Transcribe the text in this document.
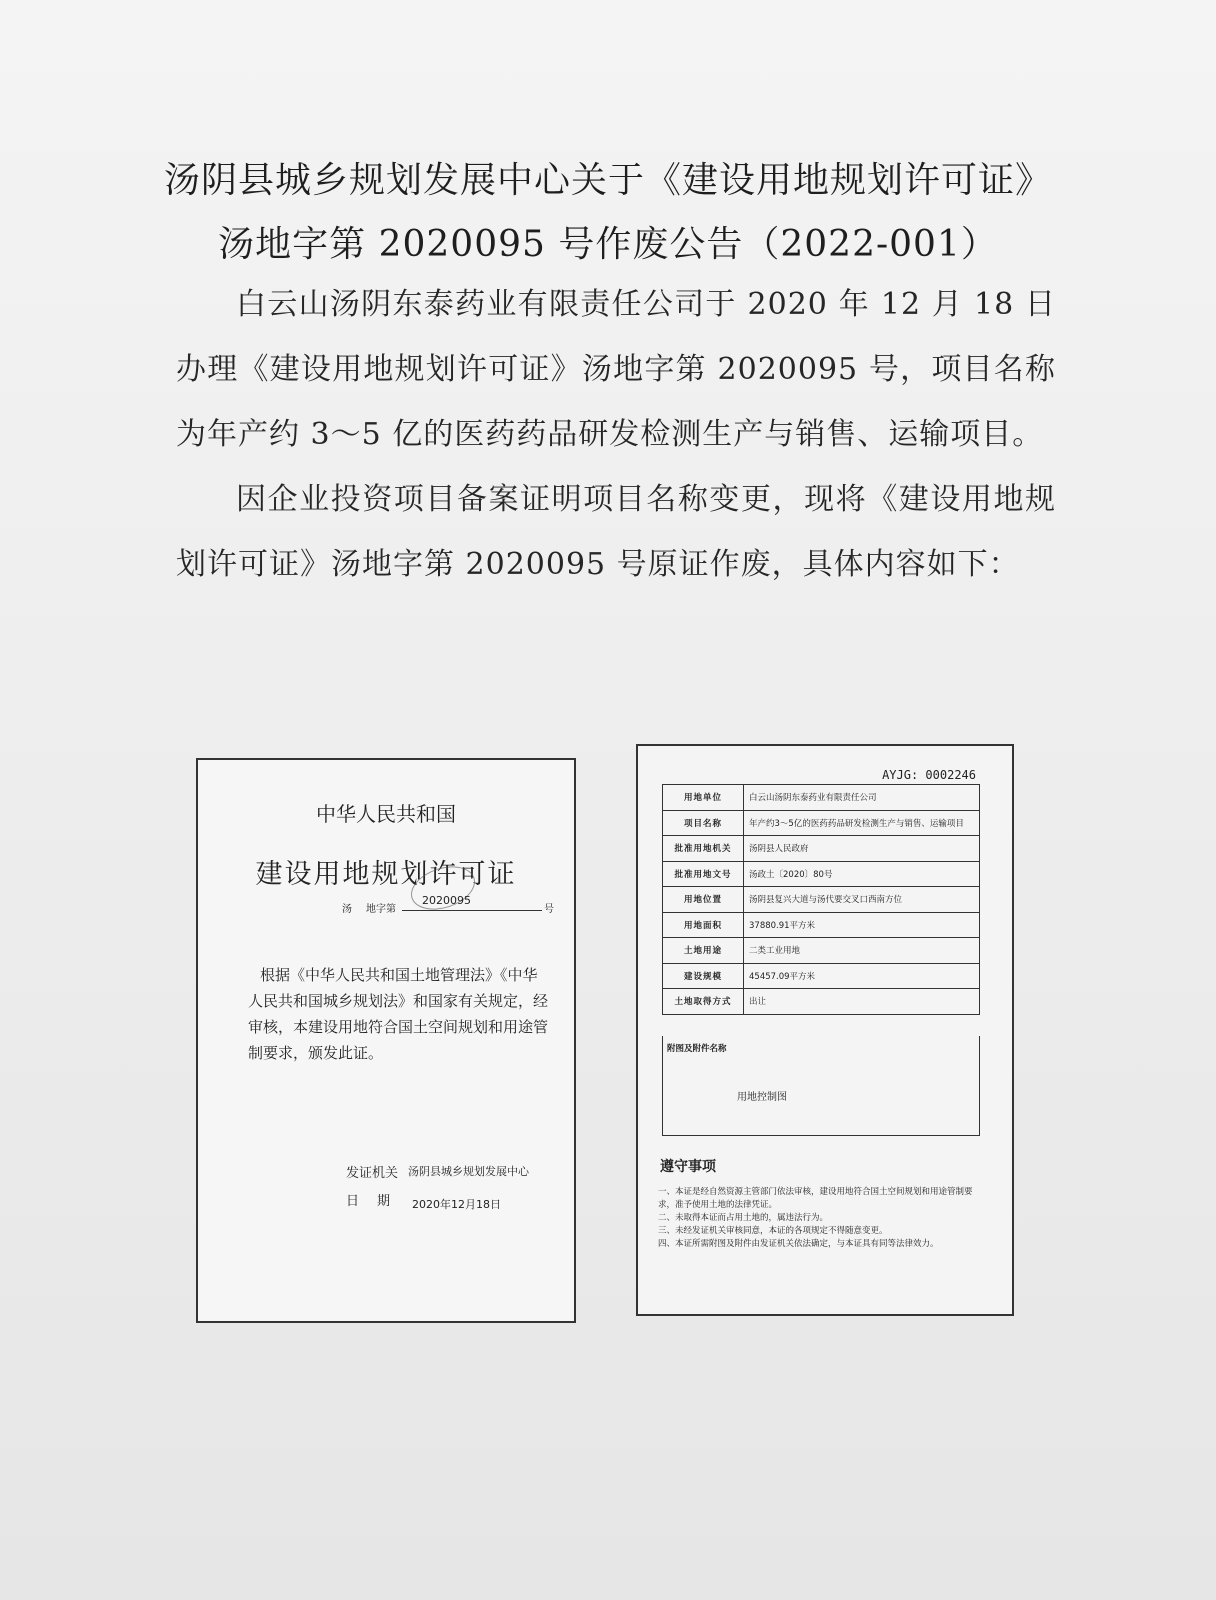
汤阴县城乡规划发展中心关于《建设用地规划许可证》
汤地字第 2020095 号作废公告（2022-001）
白云山汤阴东泰药业有限责任公司于 2020 年 12 月 18 日办理《建设用地规划许可证》汤地字第 2020095 号，项目名称为年产约 3～5 亿的医药药品研发检测生产与销售、运输项目。
因企业投资项目备案证明项目名称变更，现将《建设用地规划许可证》汤地字第 2020095 号原证作废，具体内容如下：
中华人民共和国
建设用地规划许可证
汤 地字第
2020095
号
根据《中华人民共和国土地管理法》《中华人民共和国城乡规划法》和国家有关规定，经审核，本建设用地符合国土空间规划和用途管制要求，颁发此证。
发证机关 汤阴县城乡规划发展中心
日期 2020年12月18日
AYJG: 0002246
用地单位	白云山汤阴东泰药业有限责任公司
项目名称	年产约3～5亿的医药药品研发检测生产与销售、运输项目
批准用地机关	汤阴县人民政府
批准用地文号	汤政土〔2020〕80号
用地位置	汤阴县复兴大道与汤代要交叉口西南方位
用地面积	37880.91平方米
土地用途	二类工业用地
建设规模	45457.09平方米
土地取得方式	出让
附图及附件名称
用地控制图
遵守事项
一、本证是经自然资源主管部门依法审核，建设用地符合国土空间规划和用途管制要求，准予使用土地的法律凭证。
二、未取得本证而占用土地的，属违法行为。
三、未经发证机关审核同意，本证的各项规定不得随意变更。
四、本证所需附图及附件由发证机关依法确定，与本证具有同等法律效力。
